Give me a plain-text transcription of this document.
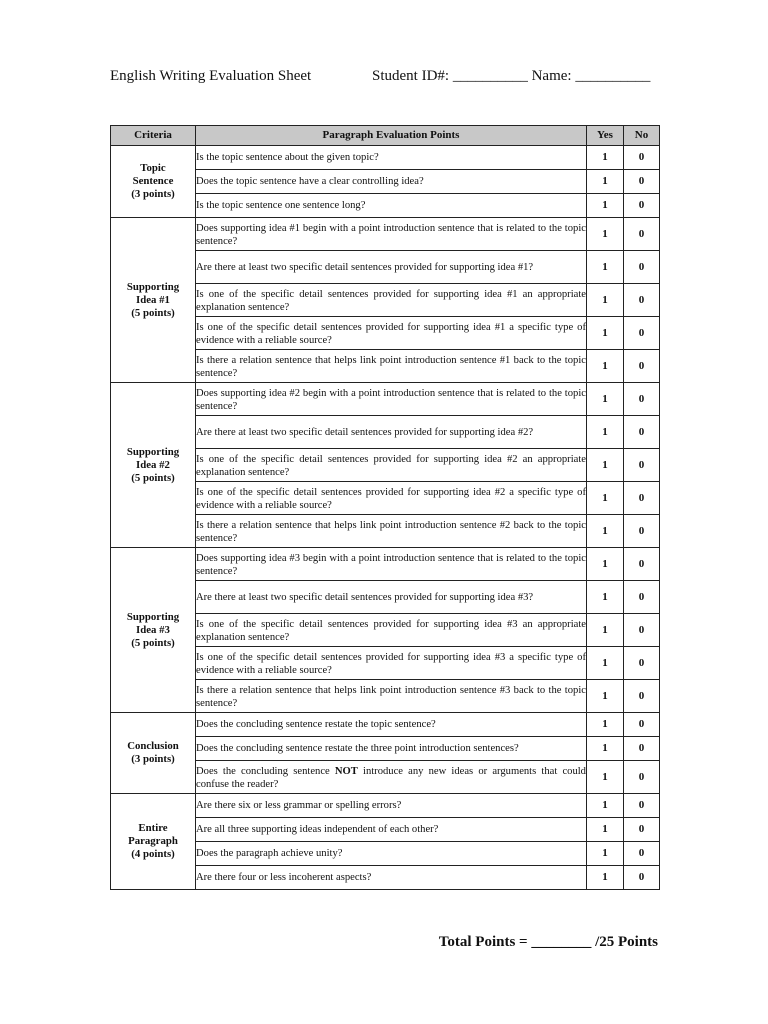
English Writing Evaluation Sheet	Student ID#: __________ Name: __________
Criteria	Paragraph Evaluation Points	Yes	No
Topic
Sentence
(3 points)	Is the topic sentence about the given topic?	1	0
	Does the topic sentence have a clear controlling idea?	1	0
	Is the topic sentence one sentence long?	1	0
Supporting
Idea #1
(5 points)	Does supporting idea #1 begin with a point introduction sentence that is related to the topic sentence?	1	0
	Are there at least two specific detail sentences provided for supporting idea #1?	1	0
	Is one of the specific detail sentences provided for supporting idea #1 an appropriate explanation sentence?	1	0
	Is one of the specific detail sentences provided for supporting idea #1 a specific type of evidence with a reliable source?	1	0
	Is there a relation sentence that helps link point introduction sentence #1 back to the topic sentence?	1	0
Supporting
Idea #2
(5 points)	Does supporting idea #2 begin with a point introduction sentence that is related to the topic sentence?	1	0
	Are there at least two specific detail sentences provided for supporting idea #2?	1	0
	Is one of the specific detail sentences provided for supporting idea #2 an appropriate explanation sentence?	1	0
	Is one of the specific detail sentences provided for supporting idea #2 a specific type of evidence with a reliable source?	1	0
	Is there a relation sentence that helps link point introduction sentence #2 back to the topic sentence?	1	0
Supporting
Idea #3
(5 points)	Does supporting idea #3 begin with a point introduction sentence that is related to the topic sentence?	1	0
	Are there at least two specific detail sentences provided for supporting idea #3?	1	0
	Is one of the specific detail sentences provided for supporting idea #3 an appropriate explanation sentence?	1	0
	Is one of the specific detail sentences provided for supporting idea #3 a specific type of evidence with a reliable source?	1	0
	Is there a relation sentence that helps link point introduction sentence #3 back to the topic sentence?	1	0
Conclusion
(3 points)	Does the concluding sentence restate the topic sentence?	1	0
	Does the concluding sentence restate the three point introduction sentences?	1	0
	Does the concluding sentence NOT introduce any new ideas or arguments that could confuse the reader?	1	0
Entire
Paragraph
(4 points)	Are there six or less grammar or spelling errors?	1	0
	Are all three supporting ideas independent of each other?	1	0
	Does the paragraph achieve unity?	1	0
	Are there four or less incoherent aspects?	1	0
Total Points = ________ /25 Points
